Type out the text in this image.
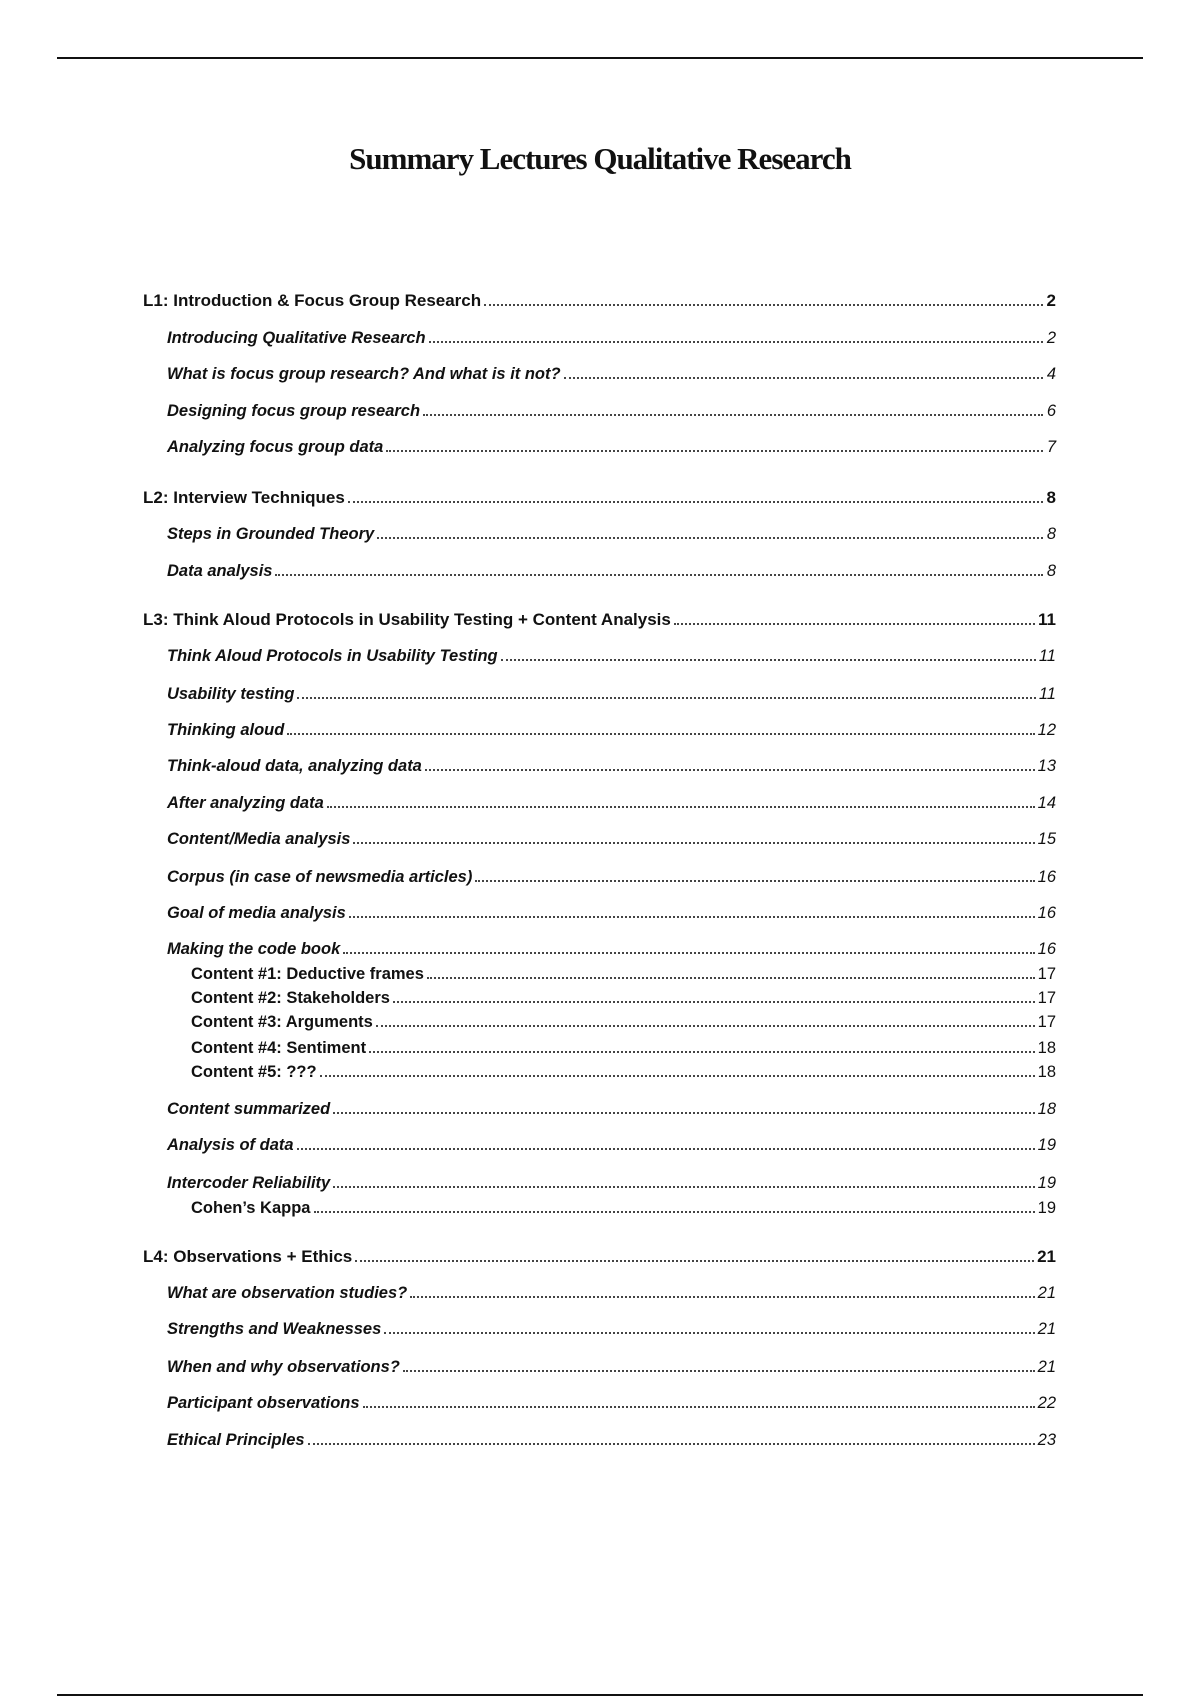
Summary Lectures Qualitative Research
L1: Introduction & Focus Group Research	2
Introducing Qualitative Research	2
What is focus group research? And what is it not?	4
Designing focus group research	6
Analyzing focus group data	7
L2: Interview Techniques	8
Steps in Grounded Theory	8
Data analysis	8
L3: Think Aloud Protocols in Usability Testing + Content Analysis	11
Think Aloud Protocols in Usability Testing	11
Usability testing	11
Thinking aloud	12
Think-aloud data, analyzing data	13
After analyzing data	14
Content/Media analysis	15
Corpus (in case of newsmedia articles)	16
Goal of media analysis	16
Making the code book	16
Content #1: Deductive frames	17
Content #2: Stakeholders	17
Content #3: Arguments	17
Content #4: Sentiment	18
Content #5: ???	18
Content summarized	18
Analysis of data	19
Intercoder Reliability	19
Cohen’s Kappa	19
L4: Observations + Ethics	21
What are observation studies?	21
Strengths and Weaknesses	21
When and why observations?	21
Participant observations	22
Ethical Principles	23
